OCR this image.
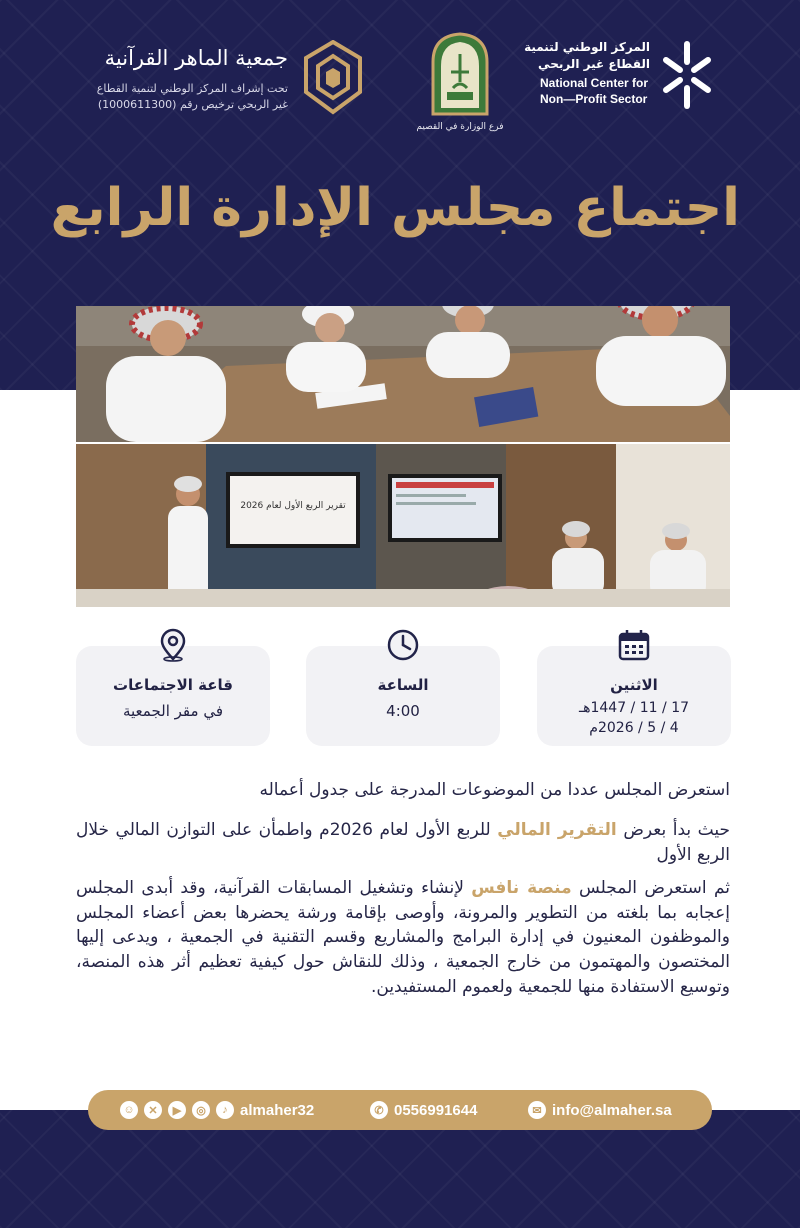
جمعية الماهر القرآنية
تحت إشراف المركز الوطني لتنمية القطاع
غير الربحي ترخيص رقم (1000611300)
فرع الوزارة في القصيم
المركز الوطني لتنمية
القطاع غير الربحي
National Center for
Non—Profit Sector
اجتماع مجلس الإدارة الرابع
تقرير الربع الأول لعام 2026
الاثنين
17 / 11 / 1447هـ
4 / 5 / 2026م
الساعة
4:00
قاعة الاجتماعات
في مقر الجمعية

استعرض المجلس عددا من الموضوعات المدرجة على جدول أعماله

حيث بدأ بعرض التقرير المالي للربع الأول لعام 2026م واطمأن على التوازن المالي خلال الربع الأول

ثم استعرض المجلس منصة نافس لإنشاء وتشغيل المسابقات القرآنية، وقد أبدى المجلس إعجابه بما بلغته من التطوير والمرونة، وأوصى بإقامة ورشة يحضرها بعض أعضاء المجلس والموظفون المعنيون في إدارة البرامج والمشاريع وقسم التقنية في الجمعية ، ويدعى إليها المختصون والمهتمون من خارج الجمعية ، وذلك للنقاش حول كيفية تعظيم أثر هذه المنصة، وتوسيع الاستفادة منها للجمعية ولعموم المستفيدين.

✉ info@almaher.sa
✆ 0556991644
☺	✕	▶	◎	♪ almaher32
